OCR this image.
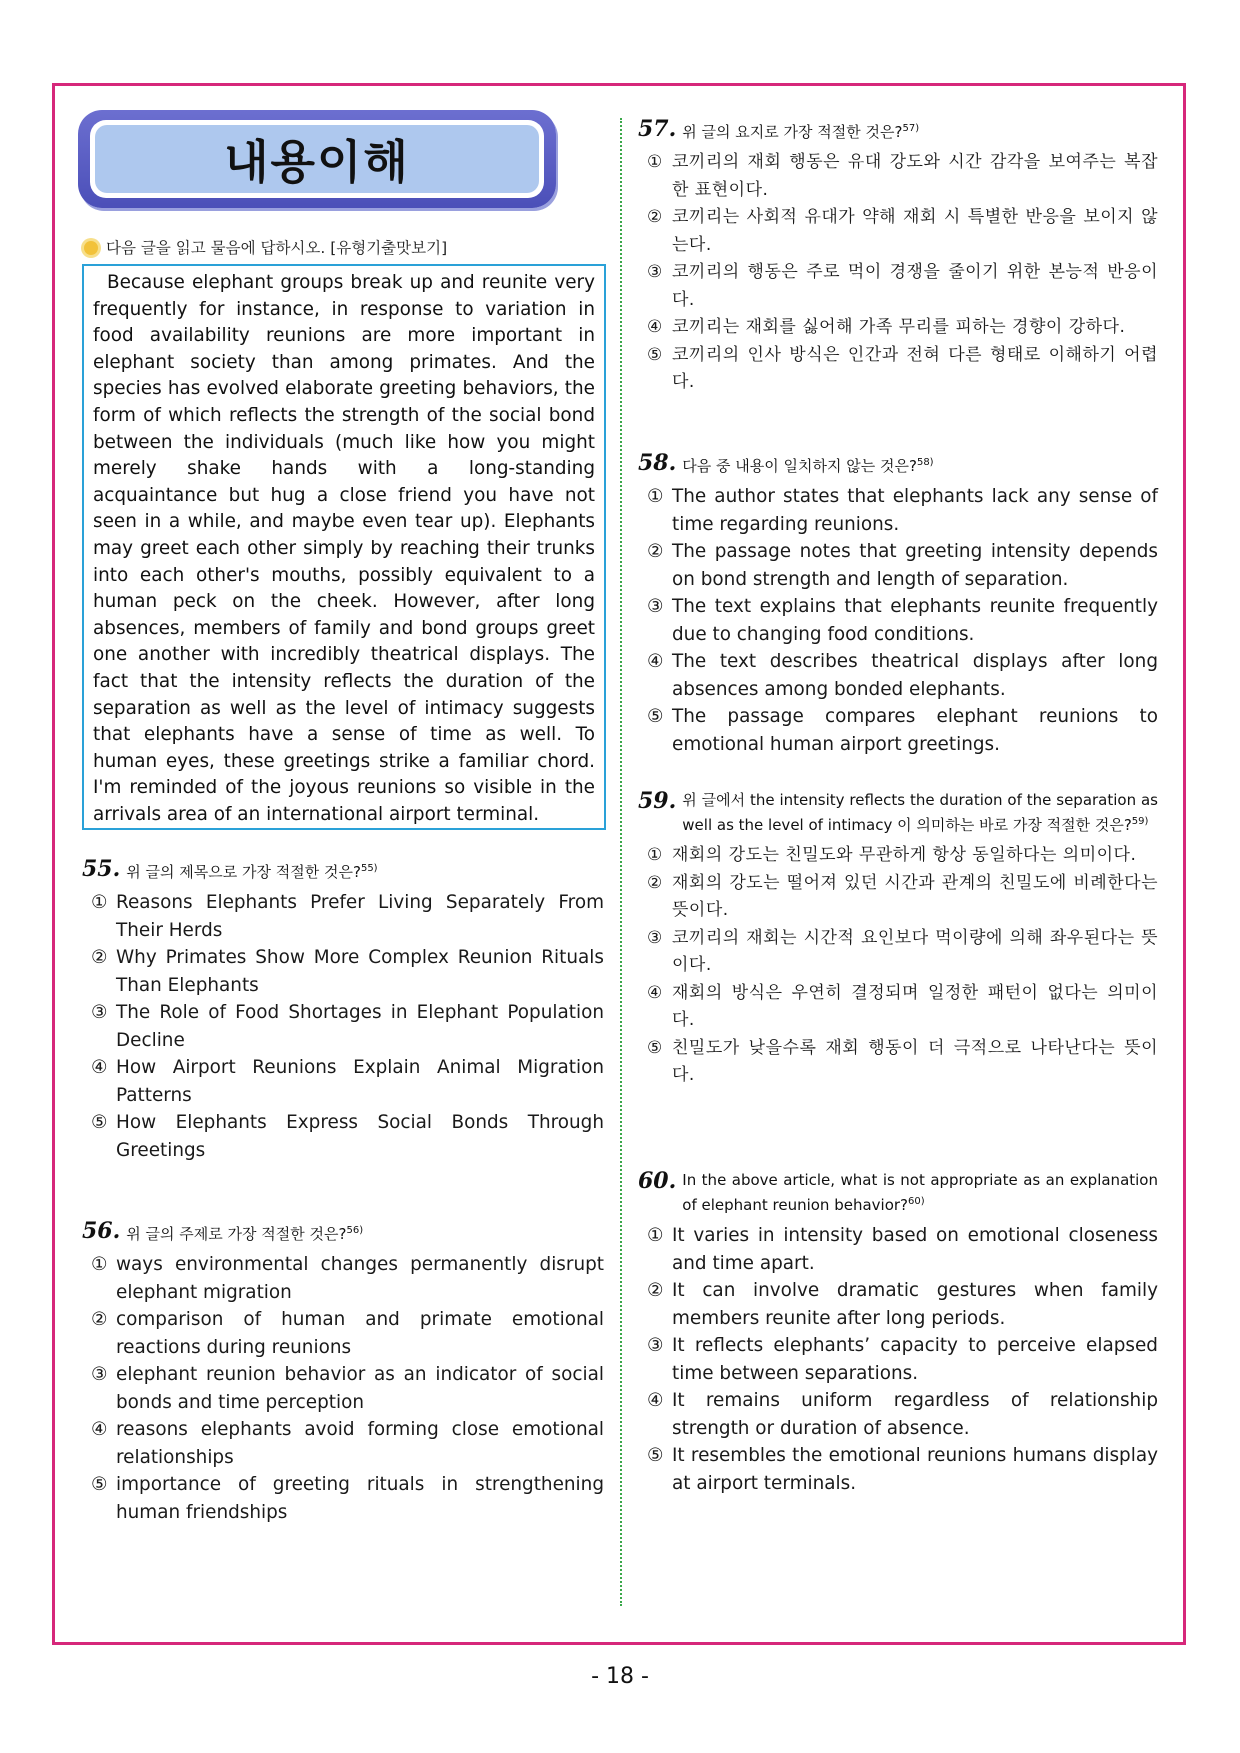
내용이해
다음 글을 읽고 물음에 답하시오. [유형기출맛보기]

Because elephant groups break up and reunite very frequently for instance, in response to variation in food availability reunions are more important in elephant society than among primates. And the species has evolved elaborate greeting behaviors, the form of which reflects the strength of the social bond between the individuals (much like how you might merely shake hands with a long-standing acquaintance but hug a close friend you have not seen in a while, and maybe even tear up). Elephants may greet each other simply by reaching their trunks into each other's mouths, possibly equivalent to a human peck on the cheek. However, after long absences, members of family and bond groups greet one another with incredibly theatrical displays. The fact that the intensity reflects the duration of the separation as well as the level of intimacy suggests that elephants have a sense of time as well. To human eyes, these greetings strike a familiar chord. I'm reminded of the joyous reunions so visible in the arrivals area of an international airport terminal.

55. 위 글의 제목으로 가장 적절한 것은?$^{55)}$
① Reasons Elephants Prefer Living Separately From Their Herds
② Why Primates Show More Complex Reunion Rituals Than Elephants
③ The Role of Food Shortages in Elephant Population Decline
④ How Airport Reunions Explain Animal Migration Patterns
⑤ How Elephants Express Social Bonds Through Greetings
56. 위 글의 주제로 가장 적절한 것은?$^{56)}$
① ways environmental changes permanently disrupt elephant migration
② comparison of human and primate emotional reactions during reunions
③ elephant reunion behavior as an indicator of social bonds and time perception
④ reasons elephants avoid forming close emotional relationships
⑤ importance of greeting rituals in strengthening human friendships
57. 위 글의 요지로 가장 적절한 것은?$^{57)}$
① 코끼리의 재회 행동은 유대 강도와 시간 감각을 보여주는 복잡한 표현이다.
② 코끼리는 사회적 유대가 약해 재회 시 특별한 반응을 보이지 않는다.
③ 코끼리의 행동은 주로 먹이 경쟁을 줄이기 위한 본능적 반응이다.
④ 코끼리는 재회를 싫어해 가족 무리를 피하는 경향이 강하다.
⑤ 코끼리의 인사 방식은 인간과 전혀 다른 형태로 이해하기 어렵다.
58. 다음 중 내용이 일치하지 않는 것은?$^{58)}$
① The author states that elephants lack any sense of time regarding reunions.
② The passage notes that greeting intensity depends on bond strength and length of separation.
③ The text explains that elephants reunite frequently due to changing food conditions.
④ The text describes theatrical displays after long absences among bonded elephants.
⑤ The passage compares elephant reunions to emotional human airport greetings.
59. 위 글에서 the intensity reflects the duration of the separation as well as the level of intimacy 이 의미하는 바로 가장 적절한 것은?$^{59)}$
① 재회의 강도는 친밀도와 무관하게 항상 동일하다는 의미이다.
② 재회의 강도는 떨어져 있던 시간과 관계의 친밀도에 비례한다는 뜻이다.
③ 코끼리의 재회는 시간적 요인보다 먹이량에 의해 좌우된다는 뜻이다.
④ 재회의 방식은 우연히 결정되며 일정한 패턴이 없다는 의미이다.
⑤ 친밀도가 낮을수록 재회 행동이 더 극적으로 나타난다는 뜻이다.
60. In the above article, what is not appropriate as an explanation of elephant reunion behavior?$^{60)}$
① It varies in intensity based on emotional closeness and time apart.
② It can involve dramatic gestures when family members reunite after long periods.
③ It reflects elephants’ capacity to perceive elapsed time between separations.
④ It remains uniform regardless of relationship strength or duration of absence.
⑤ It resembles the emotional reunions humans display at airport terminals.
- 18 -
